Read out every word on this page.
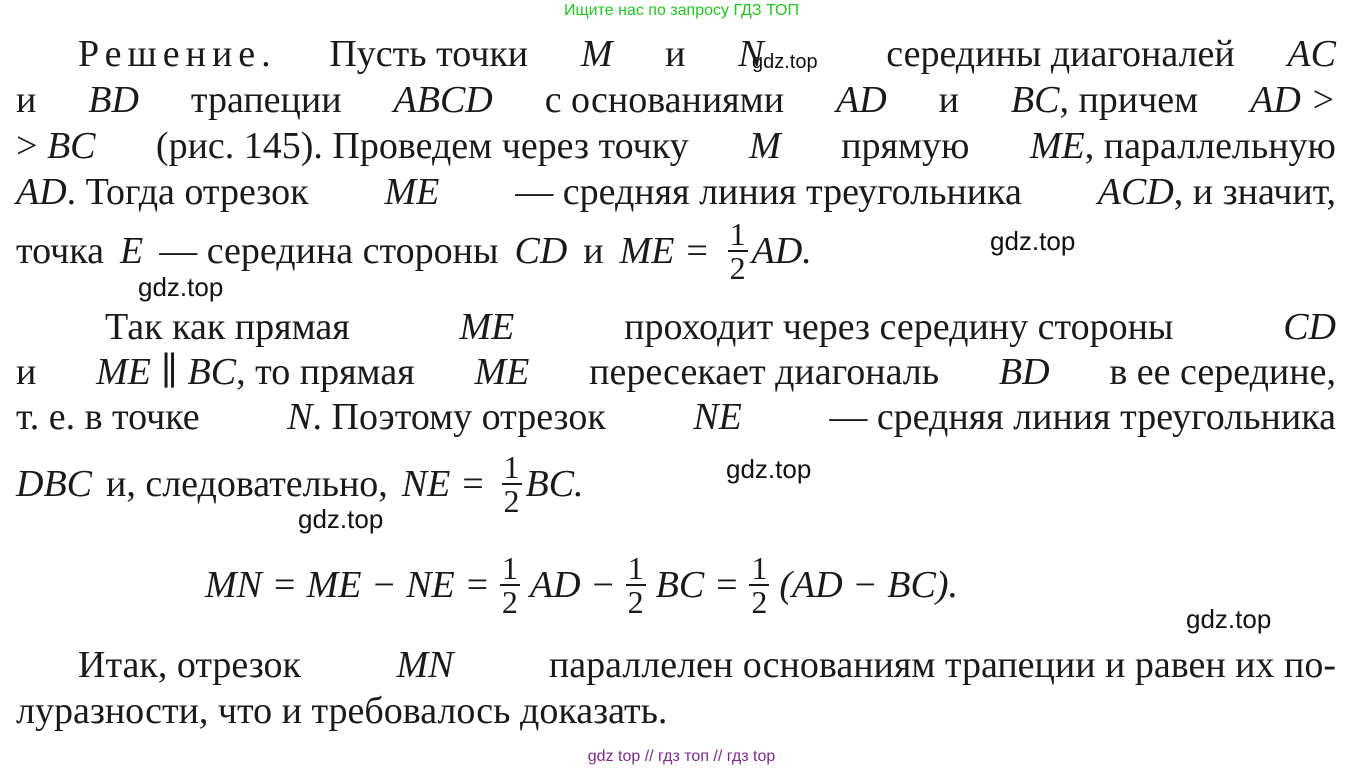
Ищите нас по запросу ГДЗ ТОП
Решение. Пусть точки M и N	середины диагоналей AC
и BD трапеции ABCD с основаниями AD и BC, причем AD >
> BC (рис. 145). Проведем через точку M прямую ME, параллельную
AD. Тогда отрезок ME — средняя линия треугольника ACD, и значит,
точка E — середина стороны CD и ME = $\frac{1}{2}$ AD.
Так как прямая	ME	проходит через середину стороны	CD
и ME ∥ BC, то прямая ME пересекает диагональ BD в ее середине,
т. е. в точке N. Поэтому отрезок NE — средняя линия треугольника
DBC и, следовательно, NE = $\frac{1}{2}$ BC.
MN = ME − NE = $\frac{1}{2}$ AD − $\frac{1}{2}$ BC = $\frac{1}{2} (AD - BC)$.
Итак, отрезок	MN	параллелен основаниям трапеции и равен их по-
луразности, что и требовалось доказать.
gdz.top
gdz.top
gdz.top
gdz.top
gdz.top
gdz.top
gdz top // гдз топ // гдз top
